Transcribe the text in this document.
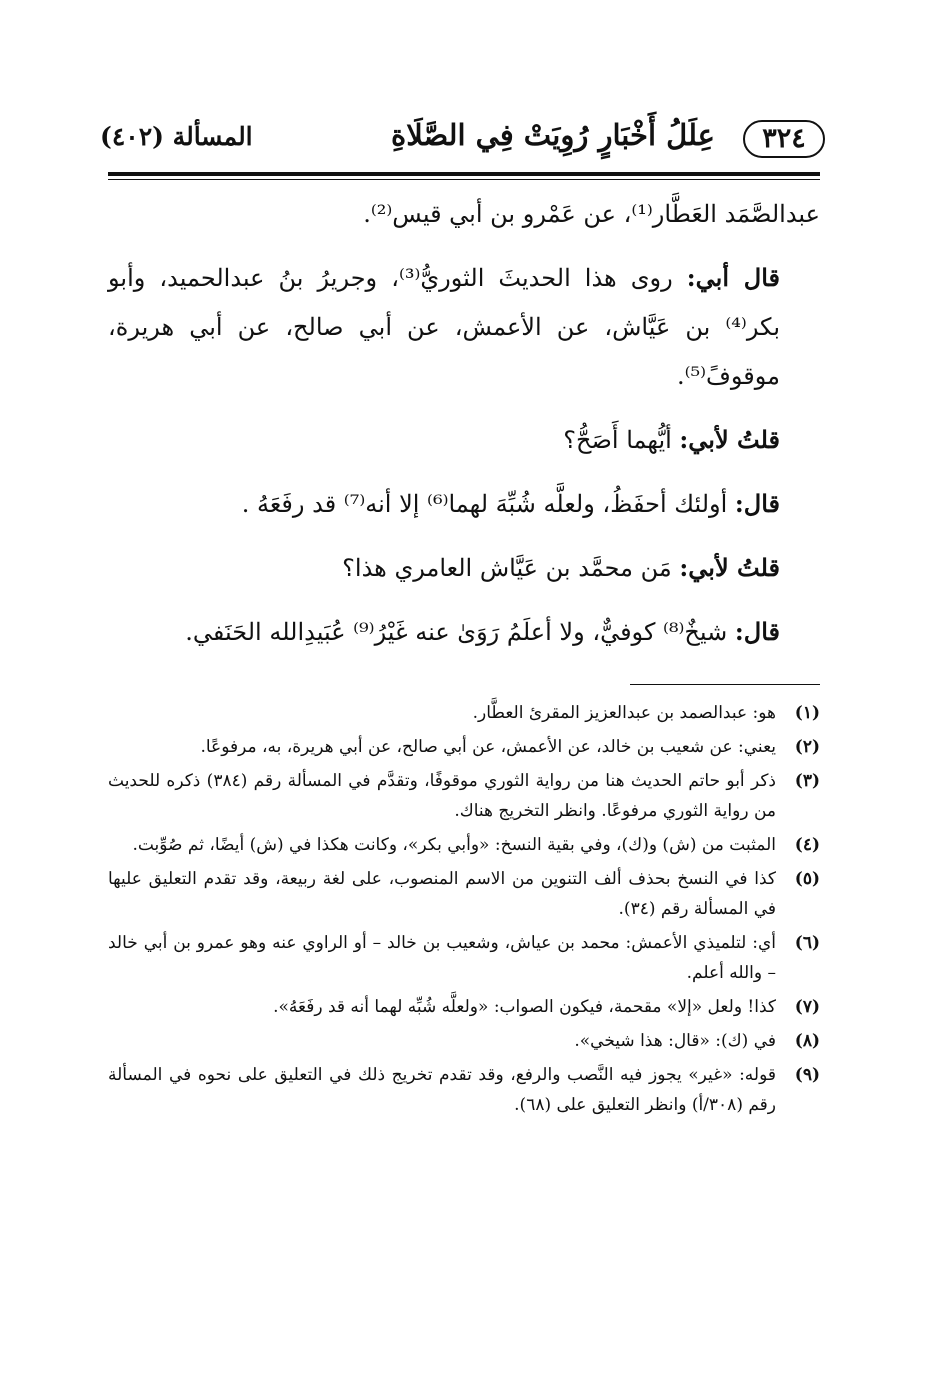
٣٢٤
عِلَلُ أَخْبَارٍ رُوِيَتْ فِي الصَّلَاةِ
المسألة (٤٠٢)

عبدالصَّمَد العَطَّار⁽¹⁾، عن عَمْرو بن أبي قيس⁽²⁾.

قال أبي: روى هذا الحديثَ الثوريُّ⁽³⁾، وجريرُ بنُ عبدالحميد، وأبو بكر⁽⁴⁾ بن عَيَّاش، عن الأعمش، عن أبي صالح، عن أبي هريرة، موقوفً⁽⁵⁾.

قلتُ لأبي: أيُّهما أَصَحُّ؟

قال: أولئك أحفَظُ، ولعلَّه شُبِّهَ لهما⁽⁶⁾ إلا أنه⁽⁷⁾ قد رفَعَهُ .

قلتُ لأبي: مَن محمَّد بن عَيَّاش العامري هذا؟

قال: شيخٌ⁽⁸⁾ كوفيٌّ، ولا أعلَمُ رَوَىٰ عنه غَيْرُ⁽⁹⁾ عُبَيدِالله الحَنَفي.

(١)
هو: عبدالصمد بن عبدالعزيز المقرئ العطَّار.
(٢)
يعني: عن شعيب بن خالد، عن الأعمش، عن أبي صالح، عن أبي هريرة، به، مرفوعًا.
(٣)
ذكر أبو حاتم الحديث هنا من رواية الثوري موقوفًا، وتقدَّم في المسألة رقم (٣٨٤) ذكره للحديث من رواية الثوري مرفوعًا. وانظر التخريج هناك.
(٤)
المثبت من (ش) و(ك)، وفي بقية النسخ: «وأبي بكر»، وكانت هكذا في (ش) أيضًا، ثم صُوِّبت.
(٥)
كذا في النسخ بحذف ألف التنوين من الاسم المنصوب، على لغة ربيعة، وقد تقدم التعليق عليها في المسألة رقم (٣٤).
(٦)
أي: لتلميذي الأعمش: محمد بن عياش، وشعيب بن خالد – أو الراوي عنه وهو عمرو بن أبي خالد – والله أعلم.
(٧)
كذا! ولعل «إلا» مقحمة، فيكون الصواب: «ولعلَّه شُبِّه لهما أنه قد رفَعَهُ».
(٨)
في (ك): «قال: هذا شيخي».
(٩)
قوله: «غير» يجوز فيه النَّصب والرفع، وقد تقدم تخريج ذلك في التعليق على نحوه في المسألة رقم (٣٠٨/أ) وانظر التعليق على (٦٨).
